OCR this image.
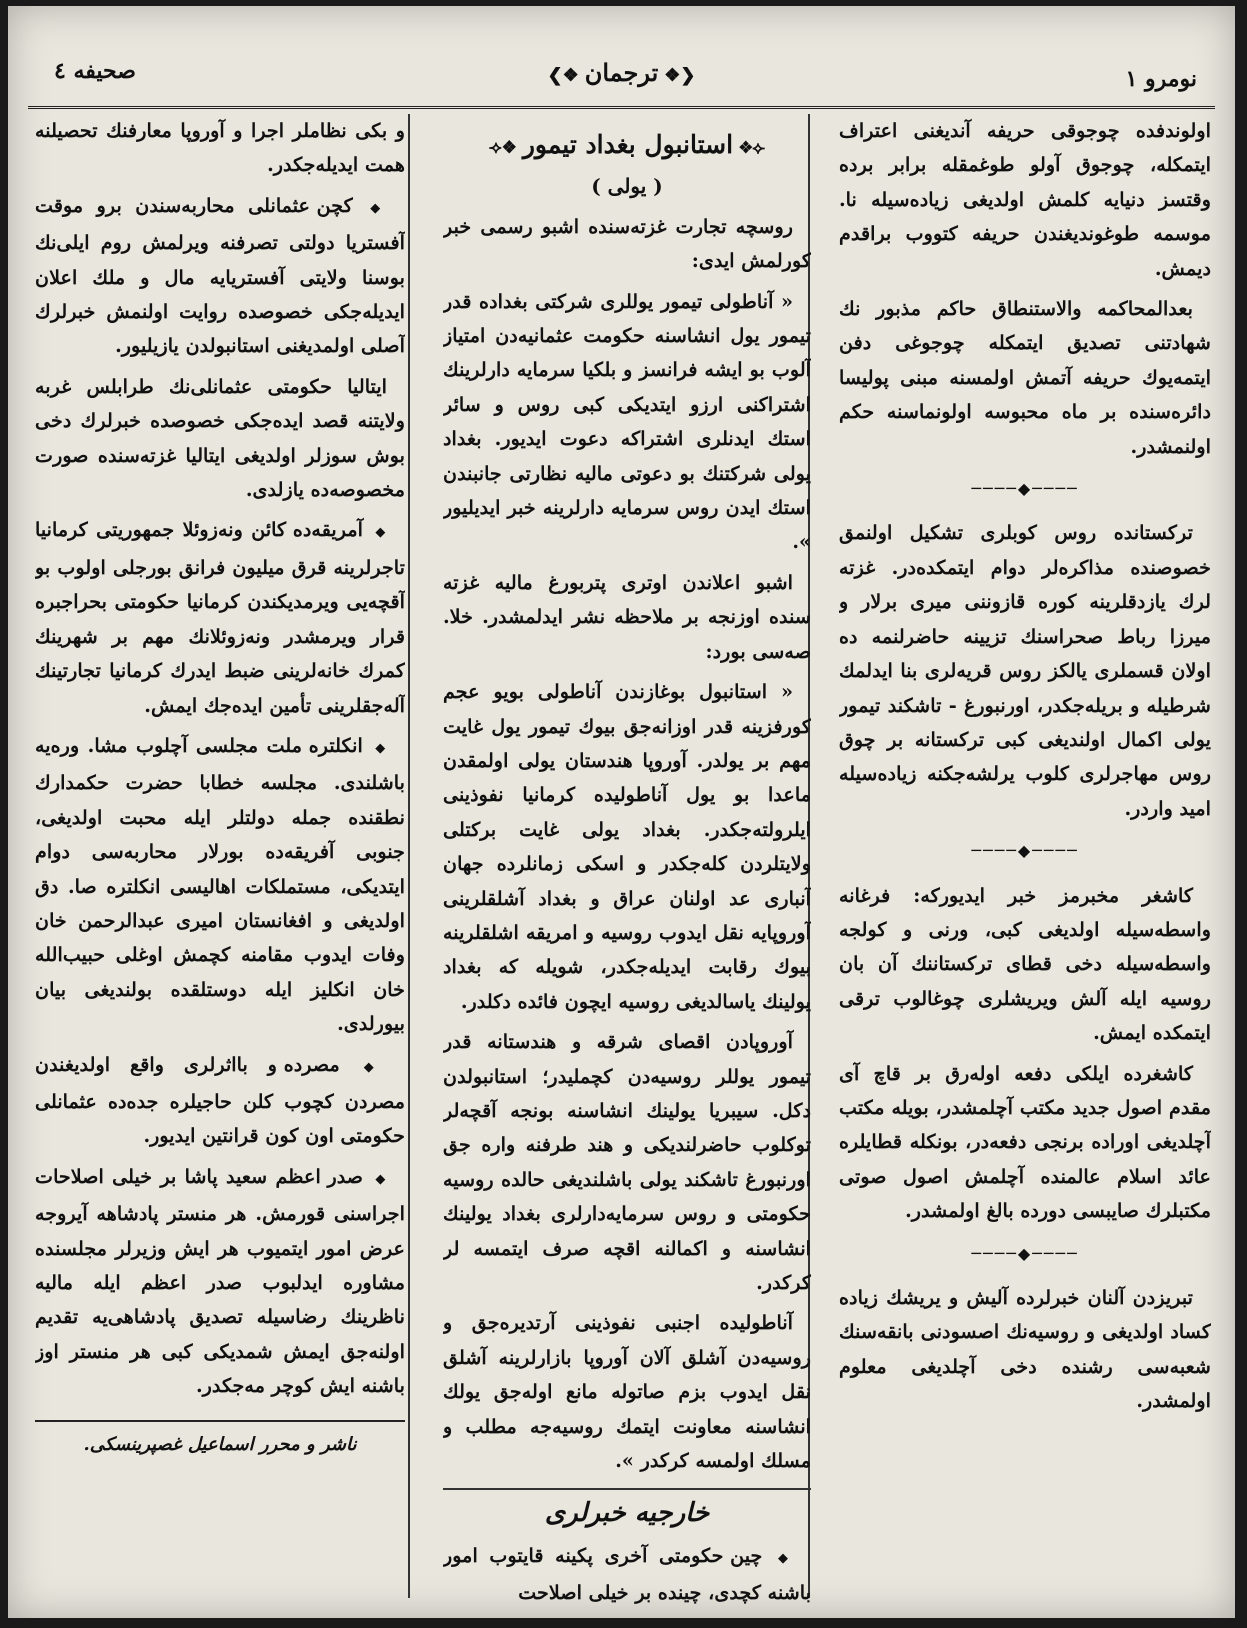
صحيفه ٤	❮❖ترجمان❖❯	نومرو ١

اولوندفده چوجوقى حريفه آنديغنى اعتراف ايتمكله، چوجوق آولو طوغمقله برابر برده وقتسز دنيايه كلمش اولديغى زياده‌سيله نا. موسمه طوغونديغندن حريفه كتووب براقدم ديمش.

بعدالمحاكمه والاستنطاق حاكم مذبور نك شهادتنى تصديق ايتمكله چوجوغى دفن ايتمه‌يوك حريفه آتمش اولمسنه مبنى پوليسا دائره‌سنده بر ماه محبوسه اولونماسنه حكم اولنمشدر.

────◆────

تركستانده روس كوبلرى تشكيل اولنمق خصوصنده مذاكره‌لر دوام ايتمكده‌در. غزته لرك يازدقلرينه كوره قازوننى ميرى برلار و ميرزا رباط صحراسنك تزيينه حاضرلنمه ده اولان قسملرى يالكز روس قريه‌لرى بنا ايدلمك شرطيله و بريله‌جكدر، اورنبورغ - تاشكند تيمور يولى اكمال اولنديغى كبى تركستانه بر چوق روس مهاجرلرى كلوب يرلشه‌جكنه زياده‌سيله اميد واردر.

────◆────

كاشغر مخبرمز خبر ايديوركه: فرغانه واسطه‌سيله اولديغى كبى، ورنى و كولجه واسطه‌سيله دخى قطاى تركستاننك آن بان روسيه ايله آلش ويريشلرى چوغالوب ترقى ايتمكده ايمش.

كاشغرده ايلكى دفعه اوله‌رق بر قاچ آى مقدم اصول جديد مكتب آچلمشدر، بويله مكتب آچلديغى اوراده برنجى دفعه‌در، بونكله قطايلره عائد اسلام عالمنده آچلمش اصول صوتى مكتبلرك صايبسى دورده بالغ اولمشدر.

────◆────

تبريزدن آلنان خبرلرده آليش و يريشك زياده كساد اولديغى و روسيه‌نك اصسودنى بانقه‌سنك شعبه‌سى رشنده دخى آچلديغى معلوم اولمشدر.

⟢❖استانبول بغداد تيمور❖⟣
( يولى )

روسچه تجارت غزته‌سنده اشبو رسمى خبر كورلمش ايدى:

« آناطولى تيمور يوللرى شركتى بغداده قدر تيمور يول انشاسنه حكومت عثمانيه‌دن امتياز آلوب بو ايشه فرانسز و بلكيا سرمايه دارلرينك اشتراكنى ارزو ايتديكى كبى روس و سائر استك ايدنلرى اشتراكه دعوت ايديور. بغداد يولى شركتنك بو دعوتى ماليه نظارتى جانبندن استك ايدن روس سرمايه دارلرينه خبر ايديليور ».

اشبو اعلاندن اوترى پتربورغ ماليه غزته سنده اوزنجه بر ملاحظه نشر ايدلمشدر. خلا. صه‌سى بورد:

« استانبول بوغازندن آناطولى بويو عجم كورفزينه قدر اوزانه‌جق بيوك تيمور يول غايت مهم بر يولدر. آوروپا هندستان يولى اولمقدن ماعدا بو يول آناطوليده كرمانيا نفوذينى ايلرولته‌جكدر. بغداد يولى غايت بركتلى ولايتلردن كله‌جكدر و اسكى زمانلرده جهان آنبارى عد اولنان عراق و بغداد آشلقلرينى آوروپايه نقل ايدوب روسيه و امريقه اشلقلرينه بيوك رقابت ايديله‌جكدر، شويله كه بغداد يولينك ياسالديغى روسيه ايچون فائده دكلدر.

آوروپادن اقصاى شرقه و هندستانه قدر تيمور يوللر روسيه‌دن كچمليدر؛ استانبولدن دكل. سيبريا يولينك انشاسنه بونجه آقچه‌لر توكلوب حاضرلنديكى و هند طرفنه واره جق اورنبورغ تاشكند يولى باشلنديغى حالده روسيه حكومتى و روس سرمايه‌دارلرى بغداد يولينك انشاسنه و اكمالنه اقچه صرف ايتمسه لر كركدر.

آناطوليده اجنبى نفوذينى آرتديره‌جق و روسيه‌دن آشلق آلان آوروپا بازارلرينه آشلق نقل ايدوب بزم صاتوله مانع اوله‌جق يولك انشاسنه معاونت ايتمك روسيه‌جه مطلب و مسلك اولمسه كركدر ».

خارجيه خبرلرى

◆ چين حكومتى آخرى پكينه قايتوب امور باشنه كچدى، چينده بر خيلى اصلاحت

و بكى نظاملر اجرا و آوروپا معارفنك تحصيلنه همت ايديله‌جكدر.

◆ كچن عثمانلى محاربه‌سندن برو موقت آفستريا دولتى تصرفنه ويرلمش روم ايلى‌نك بوسنا ولايتى آفستريايه مال و ملك اعلان ايديله‌جكى خصوصده روايت اولنمش خبرلرك آصلى اولمديغنى استانبولدن يازيليور.

ايتاليا حكومتى عثمانلى‌نك طرابلس غربه ولايتنه قصد ايده‌جكى خصوصده خبرلرك دخى بوش سوزلر اولديغى ايتاليا غزته‌سنده صورت مخصوصه‌ده يازلدى.

◆ آمريقه‌ده كائن ونه‌زوئلا جمهوريتى كرمانيا تاجرلرينه قرق ميليون فرانق بورجلى اولوب بو آقچه‌يى ويرمديكندن كرمانيا حكومتى بحراجبره قرار ويرمشدر ونه‌زوئلانك مهم بر شهرينك كمرك خانه‌لرينى ضبط ايدرك كرمانيا تجارتينك آله‌جقلرينى تأمين ايده‌جك ايمش.

◆ انكلتره ملت مجلسى آچلوب مشا. وره‌يه باشلندى. مجلسه خطابا حضرت حكمدارك نطقنده جمله دولتلر ايله محبت اولديغى، جنوبى آفريقه‌ده بورلار محاربه‌سى دوام ايتديكى، مستملكات اهاليسى انكلتره صا. دق اولديغى و افغانستان اميرى عبدالرحمن خان وفات ايدوب مقامنه كچمش اوغلى حبيب‌الله خان انكليز ايله دوستلقده بولنديغى بيان بيورلدى.

◆ مصرده و بااثرلرى واقع اولديغندن مصردن كچوب كلن حاجيلره جده‌ده عثمانلى حكومتى اون كون قرانتين ايديور.

◆ صدر اعظم سعيد پاشا بر خيلى اصلاحات اجراسنى قورمش. هر منستر پادشاهه آيروجه عرض امور ايتميوب هر ايش وزيرلر مجلسنده مشاوره ايدلبوب صدر اعظم ايله ماليه ناظرينك رضاسيله تصديق پادشاهى‌يه تقديم اولنه‌جق ايمش شمديكى كبى هر منستر اوز باشنه ايش كوچر مه‌جكدر.

ناشر و محرر اسماعيل غصپرينسكى.
